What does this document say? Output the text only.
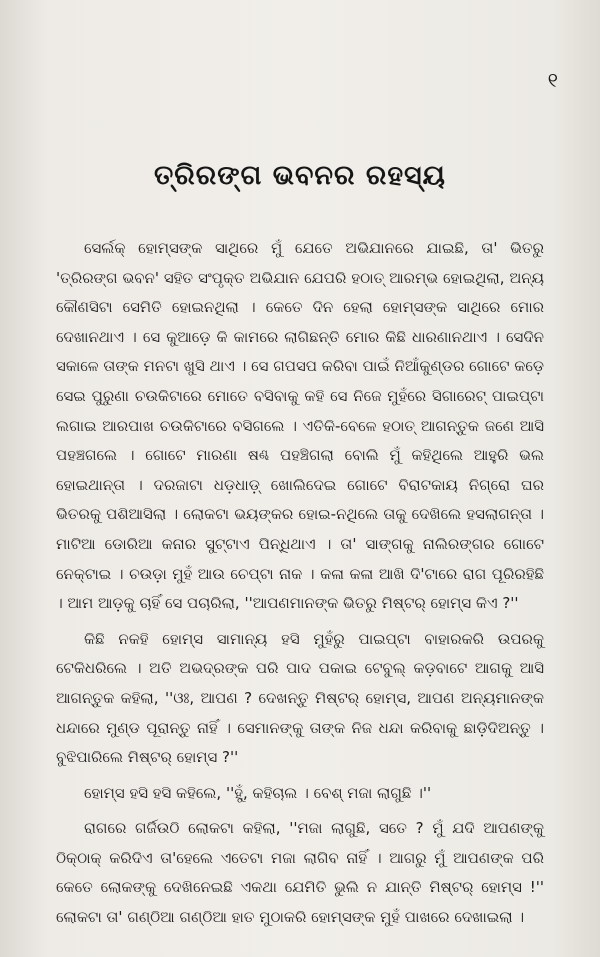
୧
ତ୍ରିରଙ୍ଗ ଭବନର ରହସ୍ୟ

ସେର୍ଲକ୍ ହୋମ୍ସଙ୍କ ସାଥିରେ ମୁଁ ଯେତେ ଅଭିଯାନରେ ଯାଇଛି, ତା' ଭିତରୁ 'ତ୍ରିରଙ୍ଗ ଭବନ' ସହିତ ସଂପୃକ୍ତ ଅଭିଯାନ ଯେପରି ହଠାତ୍ ଆରମ୍ଭ ହୋଇଥିଲା, ଅନ୍ୟ କୌଣସିଟା ସେମିତି ହୋଇନଥିଲା । କେତେ ଦିନ ହେଲା ହୋମ୍ସଙ୍କ ସାଥିରେ ମୋର ଦେଖାନଥାଏ । ସେ କୁଆଡ଼େ କି କାମରେ ଲାଗିଛନ୍ତି ମୋର କିଛି ଧାରଣାନଥାଏ । ସେଦିନ ସକାଳେ ତାଙ୍କ ମନଟା ଖୁସି ଥାଏ । ସେ ଗପସପ କରିବା ପାଇଁ ନିଆଁକୁଣ୍ଡର ଗୋଟେ କଡ଼େ ସେଇ ପୁରୁଣା ଚଉକିଟାରେ ମୋତେ ବସିବାକୁ କହି ସେ ନିଜେ ମୁହଁରେ ସିଗାରେଟ୍ ପାଇପ୍‌ଟା ଲଗାଇ ଆରପାଖ ଚଉକିଟାରେ ବସିଗଲେ । ଏତିକି-ବେଳେ ହଠାତ୍ ଆଗନ୍ତୁକ ଜଣେ ଆସି ପହଞ୍ଚଗଲେ । ଗୋଟେ ମାରଣା ଷଣ୍ଢ ପହଞ୍ଚିଗଲା ବୋଲି ମୁଁ କହିଥିଲେ ଆହୁରି ଭଲ ହୋଇଥାନ୍ତା । ଦରଜାଟା ଧଡ଼ଧାଡ଼୍ ଖୋଲିଦେଇ ଗୋଟେ ବିରାଟକାୟ ନିଗ୍ରୋ ଘର ଭିତରକୁ ପଶିଆସିଲା । ଲୋକଟା ଭୟଙ୍କର ହୋଇ-ନଥିଲେ ତାକୁ ଦେଖିଲେ ହସଲାଗନ୍ତା । ମାଟିଆ ଡୋରିଆ କନାର ସୁଟ୍‌ଟାଏ ପିନ୍ଧିଥାଏ । ତା' ସାଙ୍ଗକୁ ନାଲିରଙ୍ଗର ଗୋଟେ ନେକ୍‌ଟାଇ । ଚଉଡ଼ା ମୁହଁ ଆଉ ଚେପ୍‌ଟା ନାକ । କଳା କଳା ଆଖି ଦି'ଟାରେ ରାଗ ପୂରିରହିଛି । ଆମ ଆଡ଼କୁ ଚାହିଁ ସେ ପଚାରିଲା, ''ଆପଣମାନଙ୍କ ଭିତରୁ ମିଷ୍ଟର୍ ହୋମ୍ସ କିଏ ?''

କିଛି ନକହି ହୋମ୍ସ ସାମାନ୍ୟ ହସି ମୁହଁରୁ ପାଇପ୍‌ଟା ବାହାରକରି ଉପରକୁ ଟେକିଧରିଲେ । ଅତି ଅଭଦ୍ରଙ୍କ ପରି ପାଦ ପକାଇ ଟେବୁଲ୍ କଡ଼ବାଟେ ଆଗକୁ ଆସି ଆଗନ୍ତୁକ କହିଲା, ''ଓଃ, ଆପଣ ? ଦେଖନ୍ତୁ ମିଷ୍ଟର୍ ହୋମ୍ସ, ଆପଣ ଅନ୍ୟମାନଙ୍କ ଧନ୍ଦାରେ ମୁଣ୍ଡ ପୂରାନ୍ତୁ ନାହିଁ । ସେମାନଙ୍କୁ ତାଙ୍କ ନିଜ ଧନ୍ଦା କରିବାକୁ ଛାଡ଼ିଦିଅନ୍ତୁ । ବୁଝିପାରିଲେ ମିଷ୍ଟର୍ ହୋମ୍ସ ?''

ହୋମ୍ସ ହସି ହସି କହିଲେ, ''ହୁଁ, କହିଚାଲ । ବେଶ୍ ମଜା ଲାଗୁଛି ।''

ରାଗରେ ଗର୍ଜିଉଠି ଲୋକଟା କହିଲା, ''ମଜା ଲାଗୁଛି, ସତେ ? ମୁଁ ଯଦି ଆପଣଙ୍କୁ ଠିକ୍‌ଠାକ୍ କରିଦିଏ ତା'ହେଲେ ଏତେଟା ମଜା ଲାଗିବ ନାହିଁ । ଆଗରୁ ମୁଁ ଆପଣଙ୍କ ପରି କେତେ ଲୋକଙ୍କୁ ଦେଖିନେଇଛି ଏକଥା ଯେମିତି ଭୁଲି ନ ଯାନ୍ତି ମିଷ୍ଟର୍ ହୋମ୍ସ !'' ଲୋକଟା ତା' ଗଣ୍ଠିଆ ଗଣ୍ଠିଆ ହାତ ମୁଠାକରି ହୋମ୍ସଙ୍କ ମୁହଁ ପାଖରେ ଦେଖାଇଲା ।
